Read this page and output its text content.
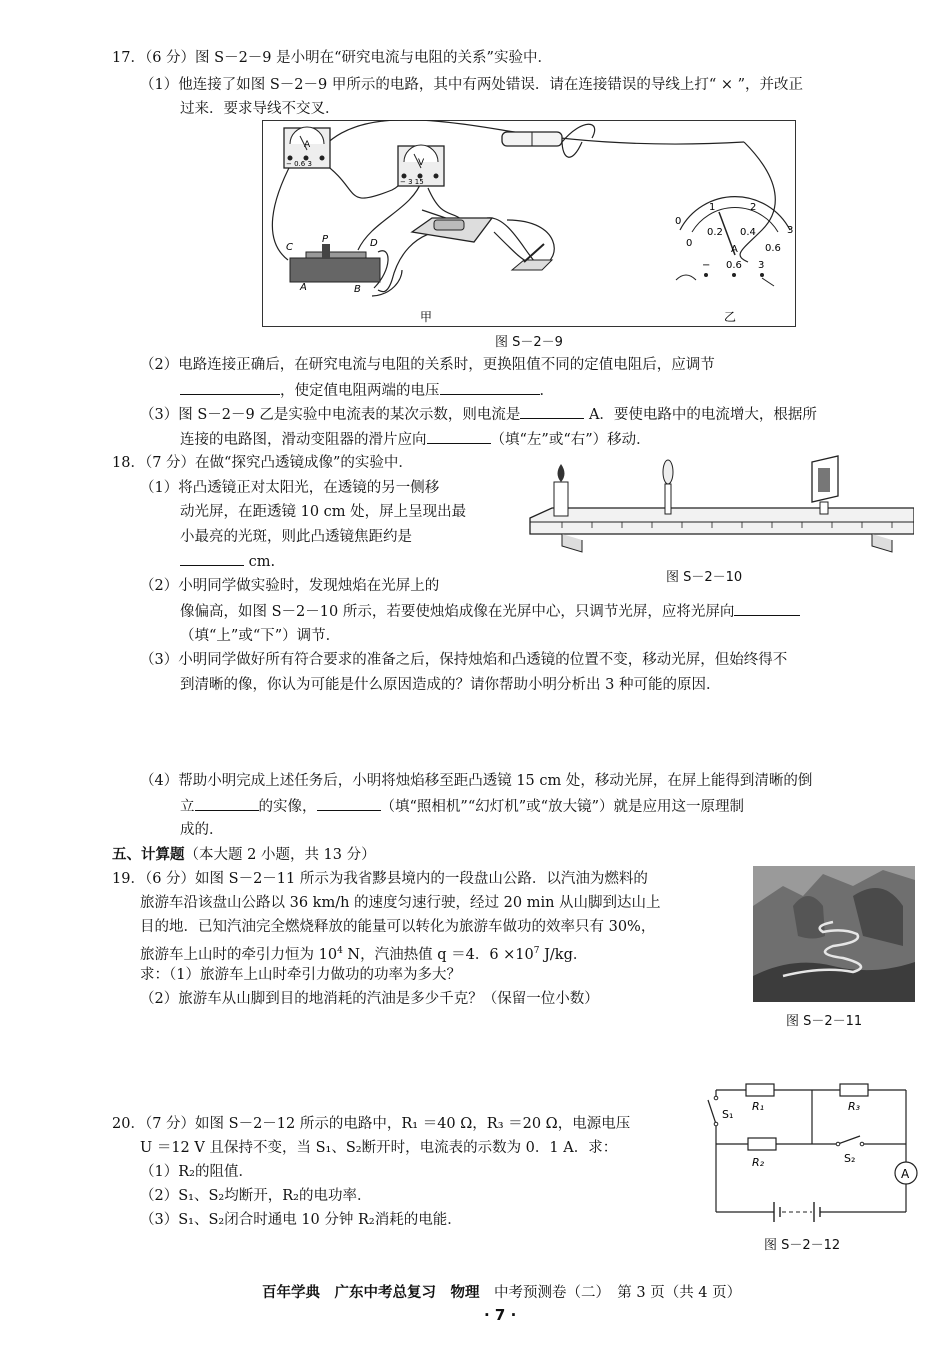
17．（6 分）图 S－2－9 是小明在“研究电流与电阻的关系”实验中．
（1）他连接了如图 S－2－9 甲所示的电路，其中有两处错误．请在连接错误的导线上打“ × ”，并改正
过来．要求导线不交叉．
A
− 0.6 3	V
− 3 15
C
P	D
A	B
甲	乙
0
1	2
3
0
0.2 0.4
0.6
A
− 0.6 3
图 S－2－9
（2）电路连接正确后，在研究电流与电阻的关系时，更换阻值不同的定值电阻后，应调节
，使定值电阻两端的电压	．
（3）图 S－2－9 乙是实验中电流表的某次示数，则电流是	A．要使电路中的电流增大，根据所
连接的电路图，滑动变阻器的滑片应向	（填“左”或“右”）移动．
18．（7 分）在做“探究凸透镜成像”的实验中．
（1）将凸透镜正对太阳光，在透镜的另一侧移
动光屏，在距透镜 10 cm 处，屏上呈现出最
小最亮的光斑，则此凸透镜焦距约是
cm.
图 S－2－10
（2）小明同学做实验时，发现烛焰在光屏上的
像偏高，如图 S－2－10 所示，若要使烛焰成像在光屏中心，只调节光屏，应将光屏向
（填“上”或“下”）调节．
（3）小明同学做好所有符合要求的准备之后，保持烛焰和凸透镜的位置不变，移动光屏，但始终得不
到清晰的像，你认为可能是什么原因造成的？请你帮助小明分析出 3 种可能的原因．
（4）帮助小明完成上述任务后，小明将烛焰移至距凸透镜 15 cm 处，移动光屏，在屏上能得到清晰的倒
立	的实像，	（填“照相机”“幻灯机”或“放大镜”）就是应用这一原理制
成的．
五、计算题（本大题 2 小题，共 13 分）
19．（6 分）如图 S－2－11 所示为我省黟县境内的一段盘山公路．以汽油为燃料的
旅游车沿该盘山公路以 36 km/h 的速度匀速行驶，经过 20 min 从山脚到达山上
目的地．已知汽油完全燃烧释放的能量可以转化为旅游车做功的效率只有 30%，
旅游车上山时的牵引力恒为 $10^4$ N，汽油热值 q ＝4．$6 \times 10^7$ J/kg．
求：（1）旅游车上山时牵引力做功的功率为多大？
（2）旅游车从山脚到目的地消耗的汽油是多少千克？（保留一位小数）
图 S－2－11
20．（7 分）如图 S－2－12 所示的电路中，R₁ ＝40 Ω，R₃ ＝20 Ω，电源电压
U ＝12 V 且保持不变，当 S₁、S₂断开时，电流表的示数为 0．1 A．求：
（1）R₂的阻值．
（2）S₁、S₂均断开，R₂的电功率．
（3）S₁、S₂闭合时通电 10 分钟 R₂消耗的电能．
A
R₁	R₃
R₂
S₁
S₂
图 S－2－12
百年学典　广东中考总复习　物理　 中考预测卷（二）　第 3 页（共 4 页）
· 7 ·
